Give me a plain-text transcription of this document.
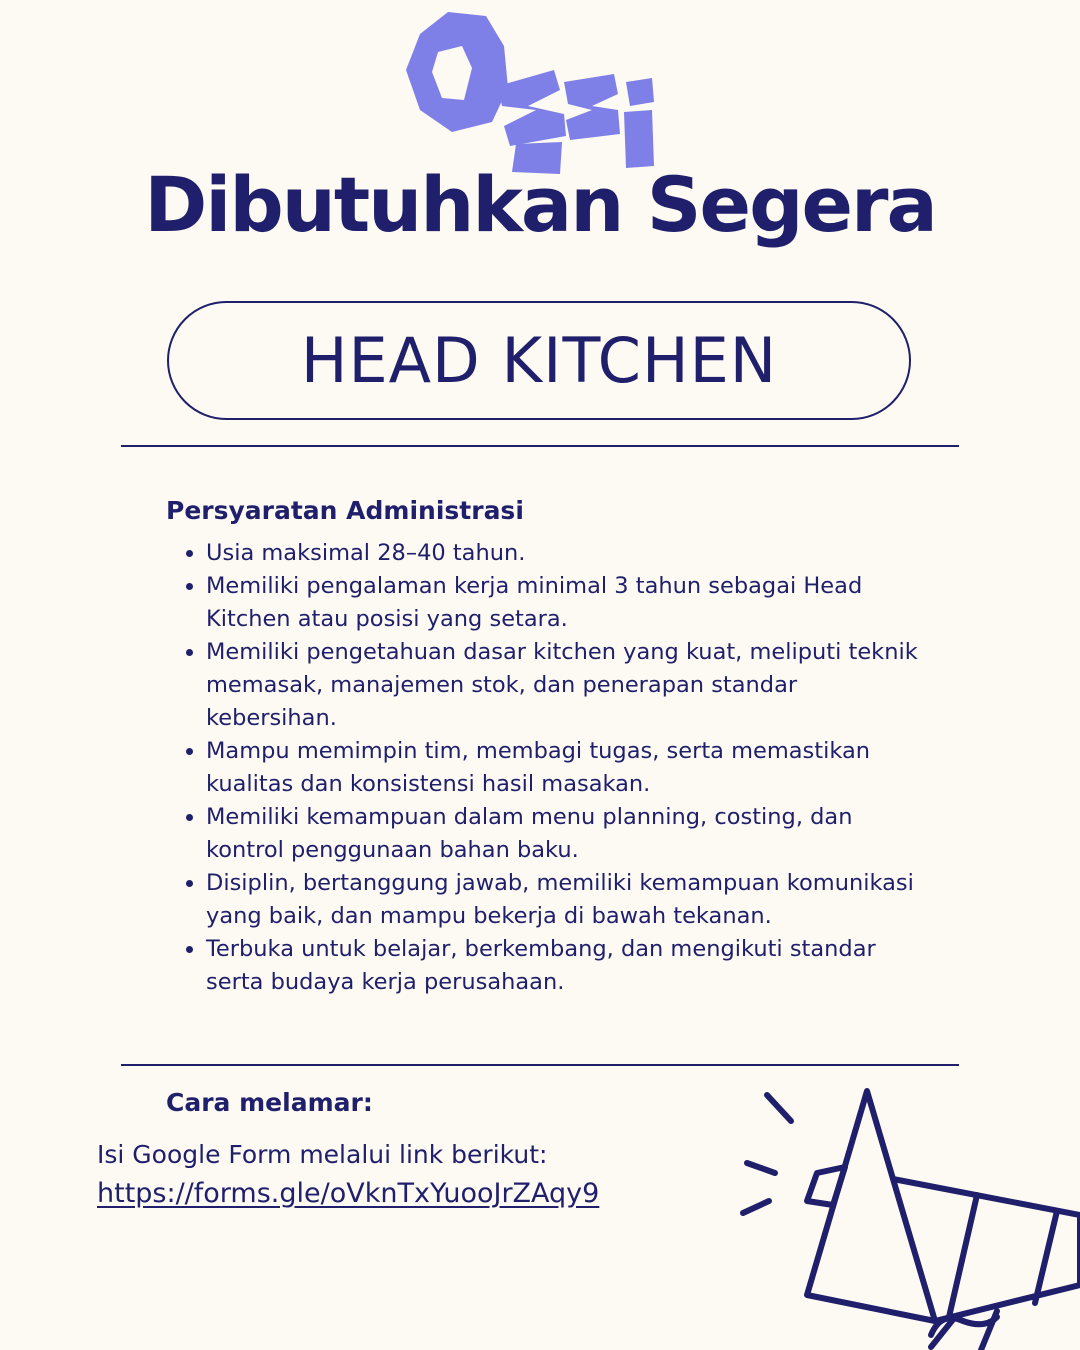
Dibutuhkan Segera
HEAD KITCHEN
Persyaratan Administrasi
• Usia maksimal 28–40 tahun.
• Memiliki pengalaman kerja minimal 3 tahun sebagai Head Kitchen atau posisi yang setara.
• Memiliki pengetahuan dasar kitchen yang kuat, meliputi teknik memasak, manajemen stok, dan penerapan standar kebersihan.
• Mampu memimpin tim, membagi tugas, serta memastikan kualitas dan konsistensi hasil masakan.
• Memiliki kemampuan dalam menu planning, costing, dan kontrol penggunaan bahan baku.
• Disiplin, bertanggung jawab, memiliki kemampuan komunikasi yang baik, dan mampu bekerja di bawah tekanan.
• Terbuka untuk belajar, berkembang, dan mengikuti standar serta budaya kerja perusahaan.
Cara melamar:
Isi Google Form melalui link berikut:
https://forms.gle/oVknTxYuooJrZAqy9
